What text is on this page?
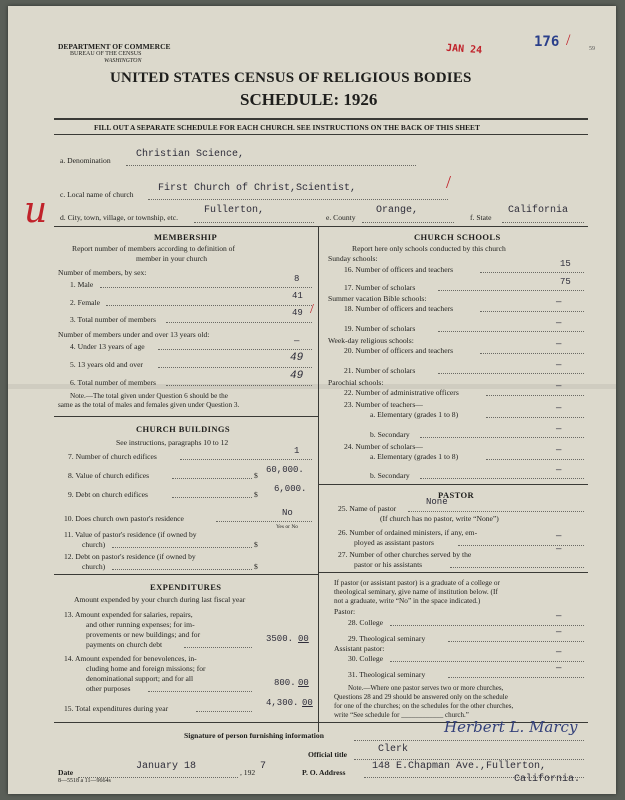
DEPARTMENT OF COMMERCE
BUREAU OF THE CENSUS
WASHINGTON
UNITED STATES CENSUS OF RELIGIOUS BODIES
SCHEDULE: 1926
JAN 24	176 /	59
FILL OUT A SEPARATE SCHEDULE FOR EACH CHURCH. SEE INSTRUCTIONS ON THE BACK OF THIS SHEET
a. Denomination
Christian Science,
c. Local name of church
First Church of Christ,Scientist,	/
u d. City, town, village, or township, etc.
Fullerton,
e. County
Orange,
f. State
California
MEMBERSHIP
Report number of members according to definition of
member in your church
Number of members, by sex:
1. Male
8
2. Female
41
3. Total number of members
49 /
Number of members under and over 13 years old:
4. Under 13 years of age
—
5. 13 years old and over
49
6. Total number of members
49
Note.—The total given under Question 6 should be the
same as the total of males and females given under Question 3.
CHURCH BUILDINGS
See instructions, paragraphs 10 to 12
7. Number of church edifices
1
8. Value of church edifices	$
60,000.
9. Debt on church edifices	$
6,000.
10. Does church own pastor's residence
No
Yes or No
11. Value of pastor's residence (if owned by
church)	$
12. Debt on pastor's residence (if owned by
church)	$
EXPENDITURES
Amount expended by your church during last fiscal year
13. Amount expended for salaries, repairs,
and other running expenses; for im-
provements or new buildings; and for
payments on church debt
3500. 00
14. Amount expended for benevolences, in-
cluding home and foreign missions; for
denominational support; and for all
other purposes
800. 00
15. Total expenditures during year
4,300. 00
CHURCH SCHOOLS
Report here only schools conducted by this church
Sunday schools:
16. Number of officers and teachers
15
17. Number of scholars
75
Summer vacation Bible schools:
18. Number of officers and teachers
—
19. Number of scholars
—
Week-day religious schools:
20. Number of officers and teachers
—
21. Number of scholars
—
Parochial schools:
22. Number of administrative officers
—
23. Number of teachers—
a. Elementary (grades 1 to 8)
—
b. Secondary
—
24. Number of scholars—
a. Elementary (grades 1 to 8)
—
b. Secondary
—
PASTOR
25. Name of pastor
None
(If church has no pastor, write “None”)
26. Number of ordained ministers, if any, em-
ployed as assistant pastors
—
27. Number of other churches served by the
pastor or his assistants
—
If pastor (or assistant pastor) is a graduate of a college or
theological seminary, give name of institution below. (If
not a graduate, write “No” in the space indicated.)
Pastor:
28. College
—
29. Theological seminary
—
Assistant pastor:
30. College
—
31. Theological seminary
—
Note.—Where one pastor serves two or more churches,
Questions 28 and 29 should be answered only on the schedule
for one of the churches; on the schedules for the other churches,
write “See schedule for ____________ church.”
Signature of person furnishing information	Herbert L. Marcy
Official title	Clerk
Date
January 18
, 192
7
P. O. Address
148 E.Chapman Ave.,Fullerton,
California.
8—5518 a 11—9664s
